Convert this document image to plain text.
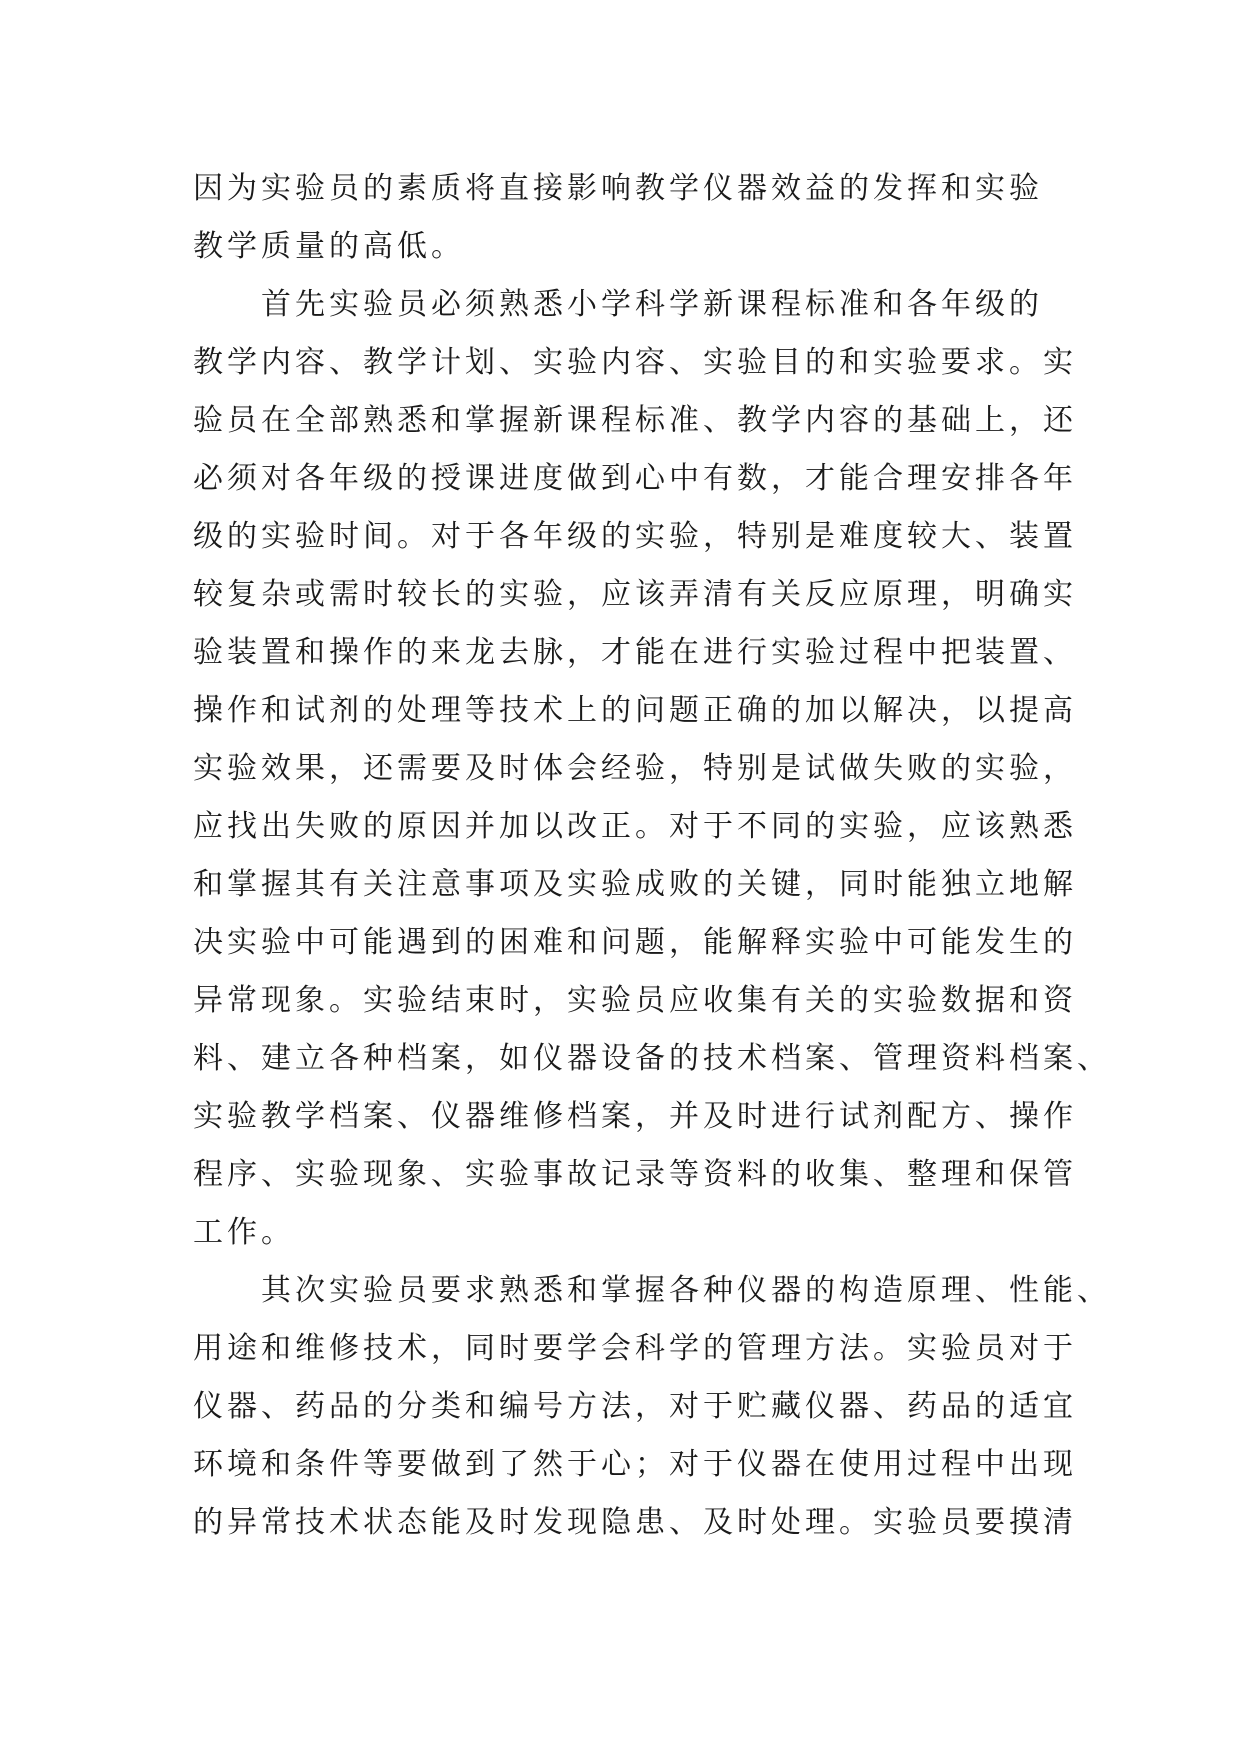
因为实验员的素质将直接影响教学仪器效益的发挥和实验
教学质量的高低。
　　首先实验员必须熟悉小学科学新课程标准和各年级的
教学内容、教学计划、实验内容、实验目的和实验要求。实
验员在全部熟悉和掌握新课程标准、教学内容的基础上，还
必须对各年级的授课进度做到心中有数，才能合理安排各年
级的实验时间。对于各年级的实验，特别是难度较大、装置
较复杂或需时较长的实验，应该弄清有关反应原理，明确实
验装置和操作的来龙去脉，才能在进行实验过程中把装置、
操作和试剂的处理等技术上的问题正确的加以解决，以提高
实验效果，还需要及时体会经验，特别是试做失败的实验，
应找出失败的原因并加以改正。对于不同的实验，应该熟悉
和掌握其有关注意事项及实验成败的关键，同时能独立地解
决实验中可能遇到的困难和问题，能解释实验中可能发生的
异常现象。实验结束时，实验员应收集有关的实验数据和资
料、建立各种档案，如仪器设备的技术档案、管理资料档案、
实验教学档案、仪器维修档案，并及时进行试剂配方、操作
程序、实验现象、实验事故记录等资料的收集、整理和保管
工作。
　　其次实验员要求熟悉和掌握各种仪器的构造原理、性能、
用途和维修技术，同时要学会科学的管理方法。实验员对于
仪器、药品的分类和编号方法，对于贮藏仪器、药品的适宜
环境和条件等要做到了然于心；对于仪器在使用过程中出现
的异常技术状态能及时发现隐患、及时处理。实验员要摸清
